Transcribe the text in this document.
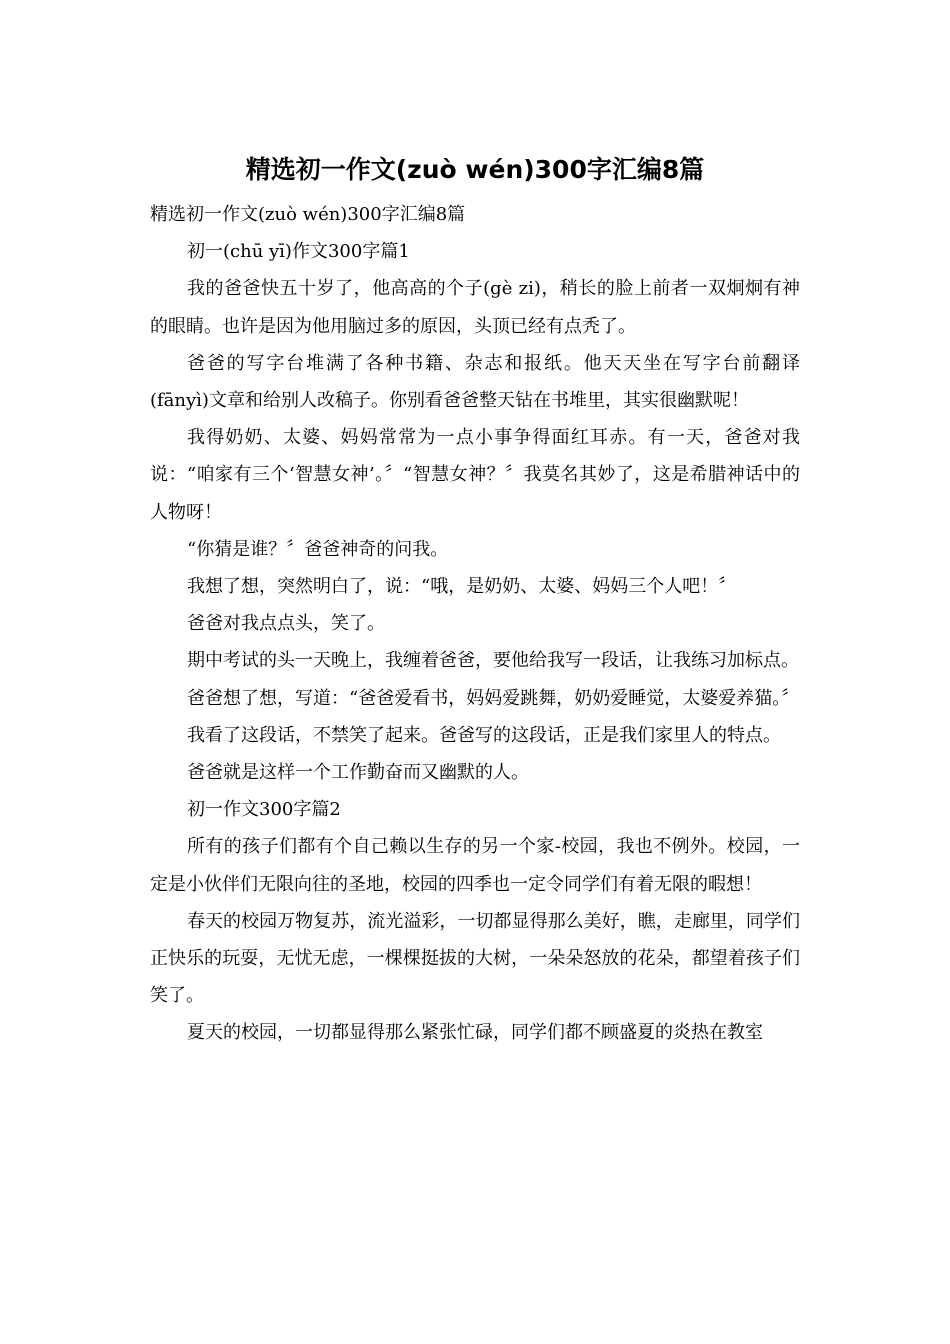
精选初一作文(zuò wén)300字汇编8篇

精选初一作文(zuò wén)300字汇编8篇

初一(chū yī)作文300字篇1

我的爸爸快五十岁了，他高高的个子(gè zi)，稍长的脸上前者一双炯炯有神的眼睛。也许是因为他用脑过多的原因，头顶已经有点秃了。

爸爸的写字台堆满了各种书籍、杂志和报纸。他天天坐在写字台前翻译(fānyì)文章和给别人改稿子。你别看爸爸整天钻在书堆里，其实很幽默呢！

我得奶奶、太婆、妈妈常常为一点小事争得面红耳赤。有一天，爸爸对我说：“咱家有三个‘智慧女神’。〞“智慧女神？〞我莫名其妙了，这是希腊神话中的人物呀！

“你猜是谁？〞爸爸神奇的问我。

我想了想，突然明白了，说：“哦，是奶奶、太婆、妈妈三个人吧！〞

爸爸对我点点头，笑了。

期中考试的头一天晚上，我缠着爸爸，要他给我写一段话，让我练习加标点。

爸爸想了想，写道：“爸爸爱看书，妈妈爱跳舞，奶奶爱睡觉，太婆爱养猫。〞

我看了这段话，不禁笑了起来。爸爸写的这段话，正是我们家里人的特点。

爸爸就是这样一个工作勤奋而又幽默的人。

初一作文300字篇2

所有的孩子们都有个自己赖以生存的另一个家-校园，我也不例外。校园，一定是小伙伴们无限向往的圣地，校园的四季也一定令同学们有着无限的暇想！

春天的校园万物复苏，流光溢彩，一切都显得那么美好，瞧，走廊里，同学们正快乐的玩耍，无忧无虑，一棵棵挺拔的大树，一朵朵怒放的花朵，都望着孩子们笑了。

夏天的校园，一切都显得那么紧张忙碌，同学们都不顾盛夏的炎热在教室
